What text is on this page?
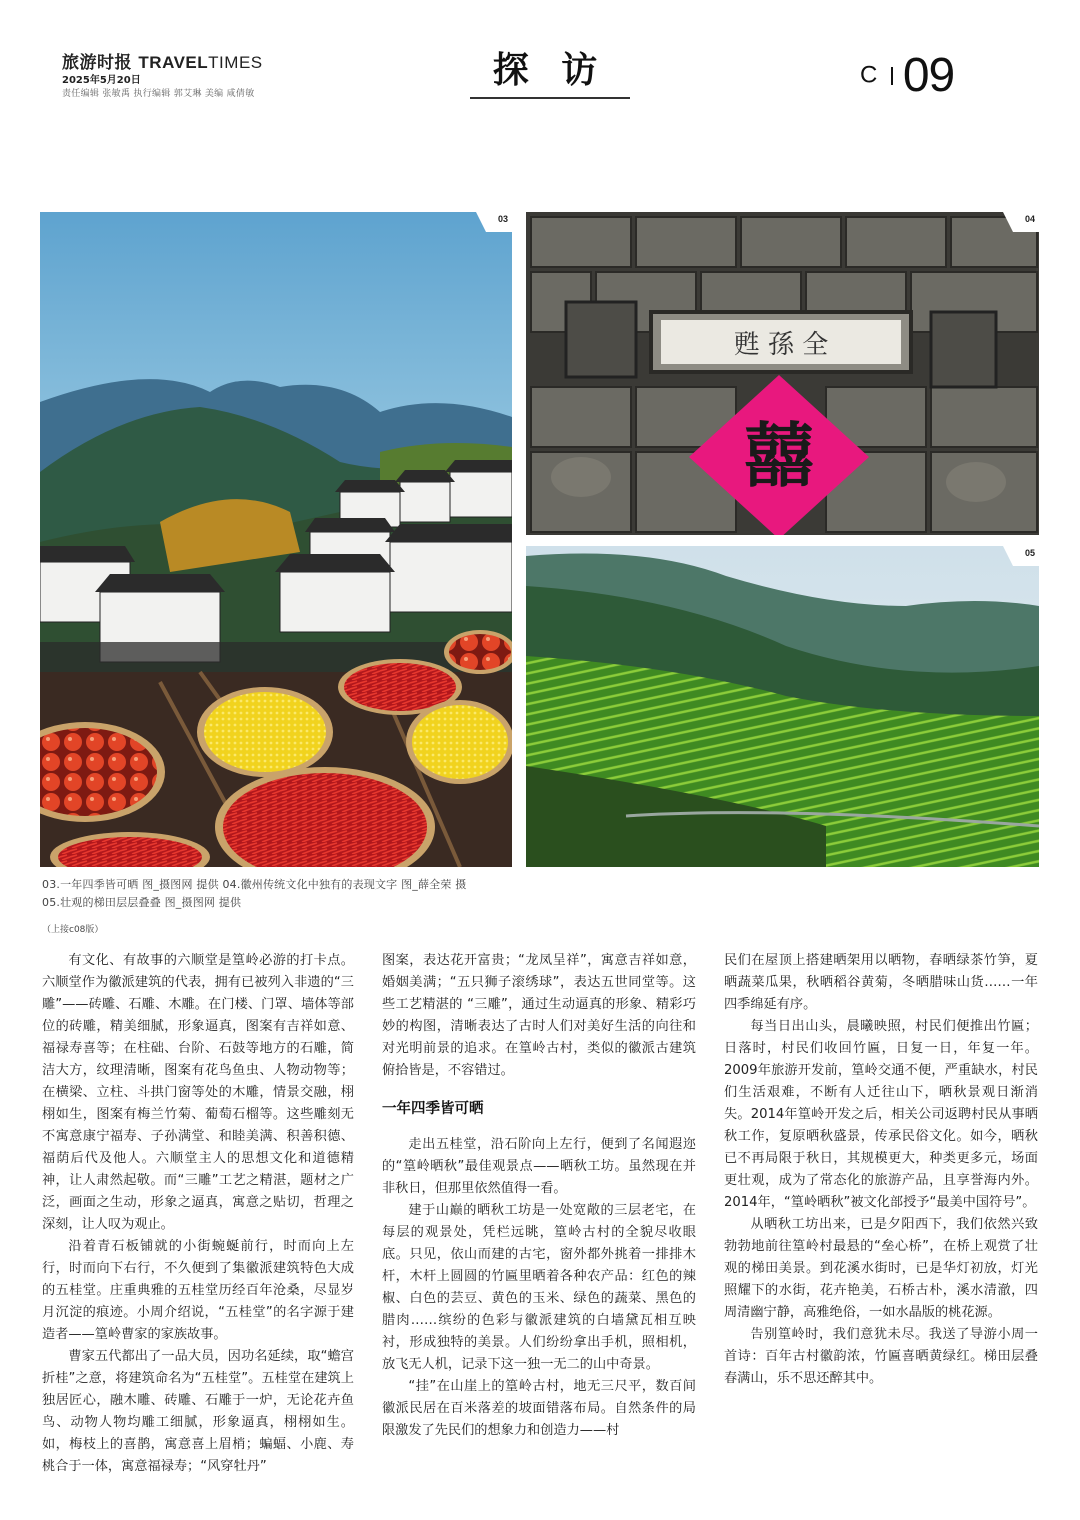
旅游时报 TRAVELTIMES
2025年5月20日
责任编辑 张敏禹 执行编辑 郭艾琳 美编 咸倩敏
探 访	C 09
03
甦 孫 全
囍
04
05
03.一年四季皆可晒 图_摄图网 提供 04.徽州传统文化中独有的表现文字 图_薛全荣 摄
05.壮观的梯田层层叠叠 图_摄图网 提供
（上接c08版）

有文化、有故事的六顺堂是篁岭必游的打卡点。六顺堂作为徽派建筑的代表，拥有已被列入非遗的“三雕”——砖雕、石雕、木雕。在门楼、门罩、墙体等部位的砖雕，精美细腻，形象逼真，图案有吉祥如意、福禄寿喜等；在柱础、台阶、石鼓等地方的石雕，简洁大方，纹理清晰，图案有花鸟鱼虫、人物动物等；在横梁、立柱、斗拱门窗等处的木雕，情景交融，栩栩如生，图案有梅兰竹菊、葡萄石榴等。这些雕刻无不寓意康宁福寿、子孙满堂、和睦美满、积善积德、福荫后代及他人。六顺堂主人的思想文化和道德精神，让人肃然起敬。而“三雕”工艺之精湛，题材之广泛，画面之生动，形象之逼真，寓意之贴切，哲理之深刻，让人叹为观止。

沿着青石板铺就的小街蜿蜒前行，时而向上左行，时而向下右行，不久便到了集徽派建筑特色大成的五桂堂。庄重典雅的五桂堂历经百年沧桑，尽显岁月沉淀的痕迹。小周介绍说，“五桂堂”的名字源于建造者——篁岭曹家的家族故事。

曹家五代都出了一品大员，因功名延续，取“蟾宫折桂”之意，将建筑命名为“五桂堂”。五桂堂在建筑上独居匠心，融木雕、砖雕、石雕于一炉，无论花卉鱼鸟、动物人物均雕工细腻，形象逼真，栩栩如生。如，梅枝上的喜鹊，寓意喜上眉梢；蝙蝠、小鹿、寿桃合于一体，寓意福禄寿；“风穿牡丹”

图案，表达花开富贵；“龙凤呈祥”，寓意吉祥如意，婚姻美满；“五只狮子滚绣球”，表达五世同堂等。这些工艺精湛的 “三雕”，通过生动逼真的形象、精彩巧妙的构图，清晰表达了古时人们对美好生活的向往和对光明前景的追求。在篁岭古村，类似的徽派古建筑俯拾皆是，不容错过。

一年四季皆可晒

走出五桂堂，沿石阶向上左行，便到了名闻遐迩的“篁岭晒秋”最佳观景点——晒秋工坊。虽然现在并非秋日，但那里依然值得一看。

建于山巅的晒秋工坊是一处宽敞的三层老宅，在每层的观景处，凭栏远眺，篁岭古村的全貌尽收眼底。只见，依山而建的古宅，窗外都外挑着一排排木杆，木杆上圆圆的竹匾里晒着各种农产品：红色的辣椒、白色的芸豆、黄色的玉米、绿色的蔬菜、黑色的腊肉……缤纷的色彩与徽派建筑的白墙黛瓦相互映衬，形成独特的美景。人们纷纷拿出手机，照相机，放飞无人机，记录下这一独一无二的山中奇景。

“挂”在山崖上的篁岭古村，地无三尺平，数百间徽派民居在百米落差的坡面错落布局。自然条件的局限激发了先民们的想象力和创造力——村

民们在屋顶上搭建晒架用以晒物，春晒绿茶竹笋，夏晒蔬菜瓜果，秋晒稻谷黄菊，冬晒腊味山货……一年四季绵延有序。

每当日出山头，晨曦映照，村民们便推出竹匾；日落时，村民们收回竹匾，日复一日，年复一年。2009年旅游开发前，篁岭交通不便，严重缺水，村民们生活艰难，不断有人迁往山下，晒秋景观日渐消失。2014年篁岭开发之后，相关公司返聘村民从事晒秋工作，复原晒秋盛景，传承民俗文化。如今，晒秋已不再局限于秋日，其规模更大，种类更多元，场面更壮观，成为了常态化的旅游产品，且享誉海内外。2014年，“篁岭晒秋”被文化部授予“最美中国符号”。

从晒秋工坊出来，已是夕阳西下，我们依然兴致勃勃地前往篁岭村最悬的“垒心桥”，在桥上观赏了壮观的梯田美景。到花溪水街时，已是华灯初放，灯光照耀下的水街，花卉艳美，石桥古朴，溪水清澈，四周清幽宁静，高雅绝俗，一如水晶版的桃花源。

告别篁岭时，我们意犹未尽。我送了导游小周一首诗：百年古村徽韵浓，竹匾喜晒黄绿红。梯田层叠春满山，乐不思还醉其中。
